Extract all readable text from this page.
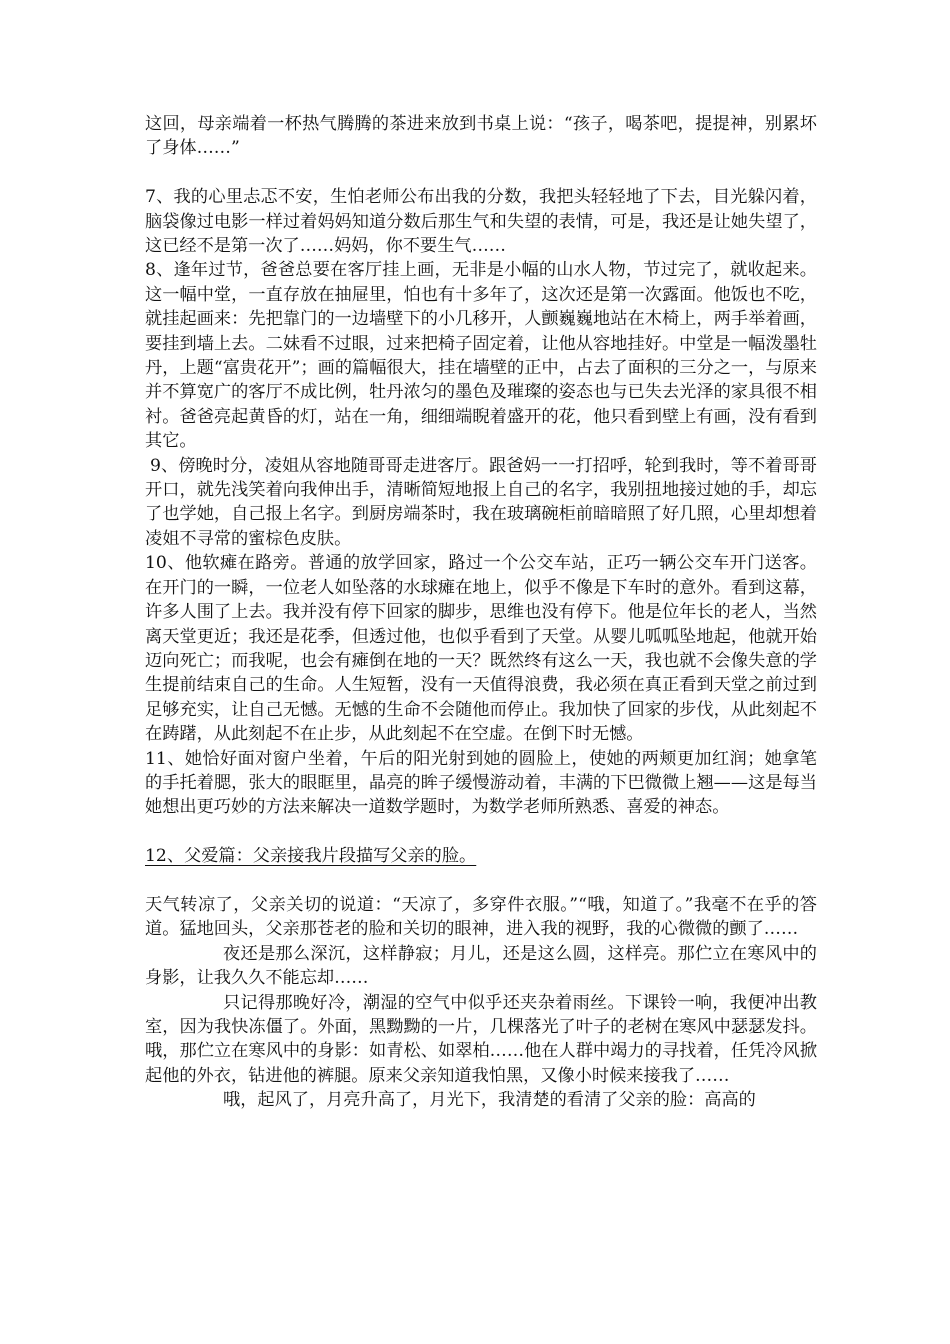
这回，母亲端着一杯热气腾腾的茶进来放到书桌上说：“孩子，喝茶吧，提提神，别累坏了身体……”

7、我的心里忐忑不安，生怕老师公布出我的分数，我把头轻轻地了下去，目光躲闪着，脑袋像过电影一样过着妈妈知道分数后那生气和失望的表情，可是，我还是让她失望了，这已经不是第一次了……妈妈，你不要生气……

8、逢年过节，爸爸总要在客厅挂上画，无非是小幅的山水人物，节过完了，就收起来。这一幅中堂，一直存放在抽屉里，怕也有十多年了，这次还是第一次露面。他饭也不吃，就挂起画来：先把靠门的一边墙壁下的小几移开，人颤巍巍地站在木椅上，两手举着画，要挂到墙上去。二妹看不过眼，过来把椅子固定着，让他从容地挂好。中堂是一幅泼墨牡丹，上题“富贵花开”；画的篇幅很大，挂在墙壁的正中，占去了面积的三分之一，与原来并不算宽广的客厅不成比例，牡丹浓匀的墨色及璀璨的姿态也与已失去光泽的家具很不相衬。爸爸亮起黄昏的灯，站在一角，细细端睨着盛开的花，他只看到壁上有画，没有看到其它。

9、傍晚时分，凌姐从容地随哥哥走进客厅。跟爸妈一一打招呼，轮到我时，等不着哥哥开口，就先浅笑着向我伸出手，清晰简短地报上自己的名字，我别扭地接过她的手，却忘了也学她，自己报上名字。到厨房端茶时，我在玻璃碗柜前暗暗照了好几照，心里却想着凌姐不寻常的蜜棕色皮肤。

10、他软瘫在路旁。普通的放学回家，路过一个公交车站，正巧一辆公交车开门送客。在开门的一瞬，一位老人如坠落的水球瘫在地上，似乎不像是下车时的意外。看到这幕，许多人围了上去。我并没有停下回家的脚步，思维也没有停下。他是位年长的老人，当然离天堂更近；我还是花季，但透过他，也似乎看到了天堂。从婴儿呱呱坠地起，他就开始迈向死亡；而我呢，也会有瘫倒在地的一天？既然终有这么一天，我也就不会像失意的学生提前结束自己的生命。人生短暂，没有一天值得浪费，我必须在真正看到天堂之前过到足够充实，让自己无憾。无憾的生命不会随他而停止。我加快了回家的步伐，从此刻起不在踌躇，从此刻起不在止步，从此刻起不在空虚。在倒下时无憾。

11、她恰好面对窗户坐着，午后的阳光射到她的圆脸上，使她的两颊更加红润；她拿笔的手托着腮，张大的眼眶里，晶亮的眸子缓慢游动着，丰满的下巴微微上翘——这是每当她想出更巧妙的方法来解决一道数学题时，为数学老师所熟悉、喜爱的神态。

12、父爱篇：父亲接我片段描写父亲的脸。

天气转凉了，父亲关切的说道：“天凉了，多穿件衣服。”“哦，知道了。”我毫不在乎的答道。猛地回头，父亲那苍老的脸和关切的眼神，进入我的视野，我的心微微的颤了……

夜还是那么深沉，这样静寂；月儿，还是这么圆，这样亮。那伫立在寒风中的身影，让我久久不能忘却……

只记得那晚好冷，潮湿的空气中似乎还夹杂着雨丝。下课铃一响，我便冲出教室，因为我快冻僵了。外面，黑黝黝的一片，几棵落光了叶子的老树在寒风中瑟瑟发抖。哦，那伫立在寒风中的身影：如青松、如翠柏……他在人群中竭力的寻找着，任凭冷风掀起他的外衣，钻进他的裤腿。原来父亲知道我怕黑，又像小时候来接我了……

哦，起风了，月亮升高了，月光下，我清楚的看清了父亲的脸：高高的
